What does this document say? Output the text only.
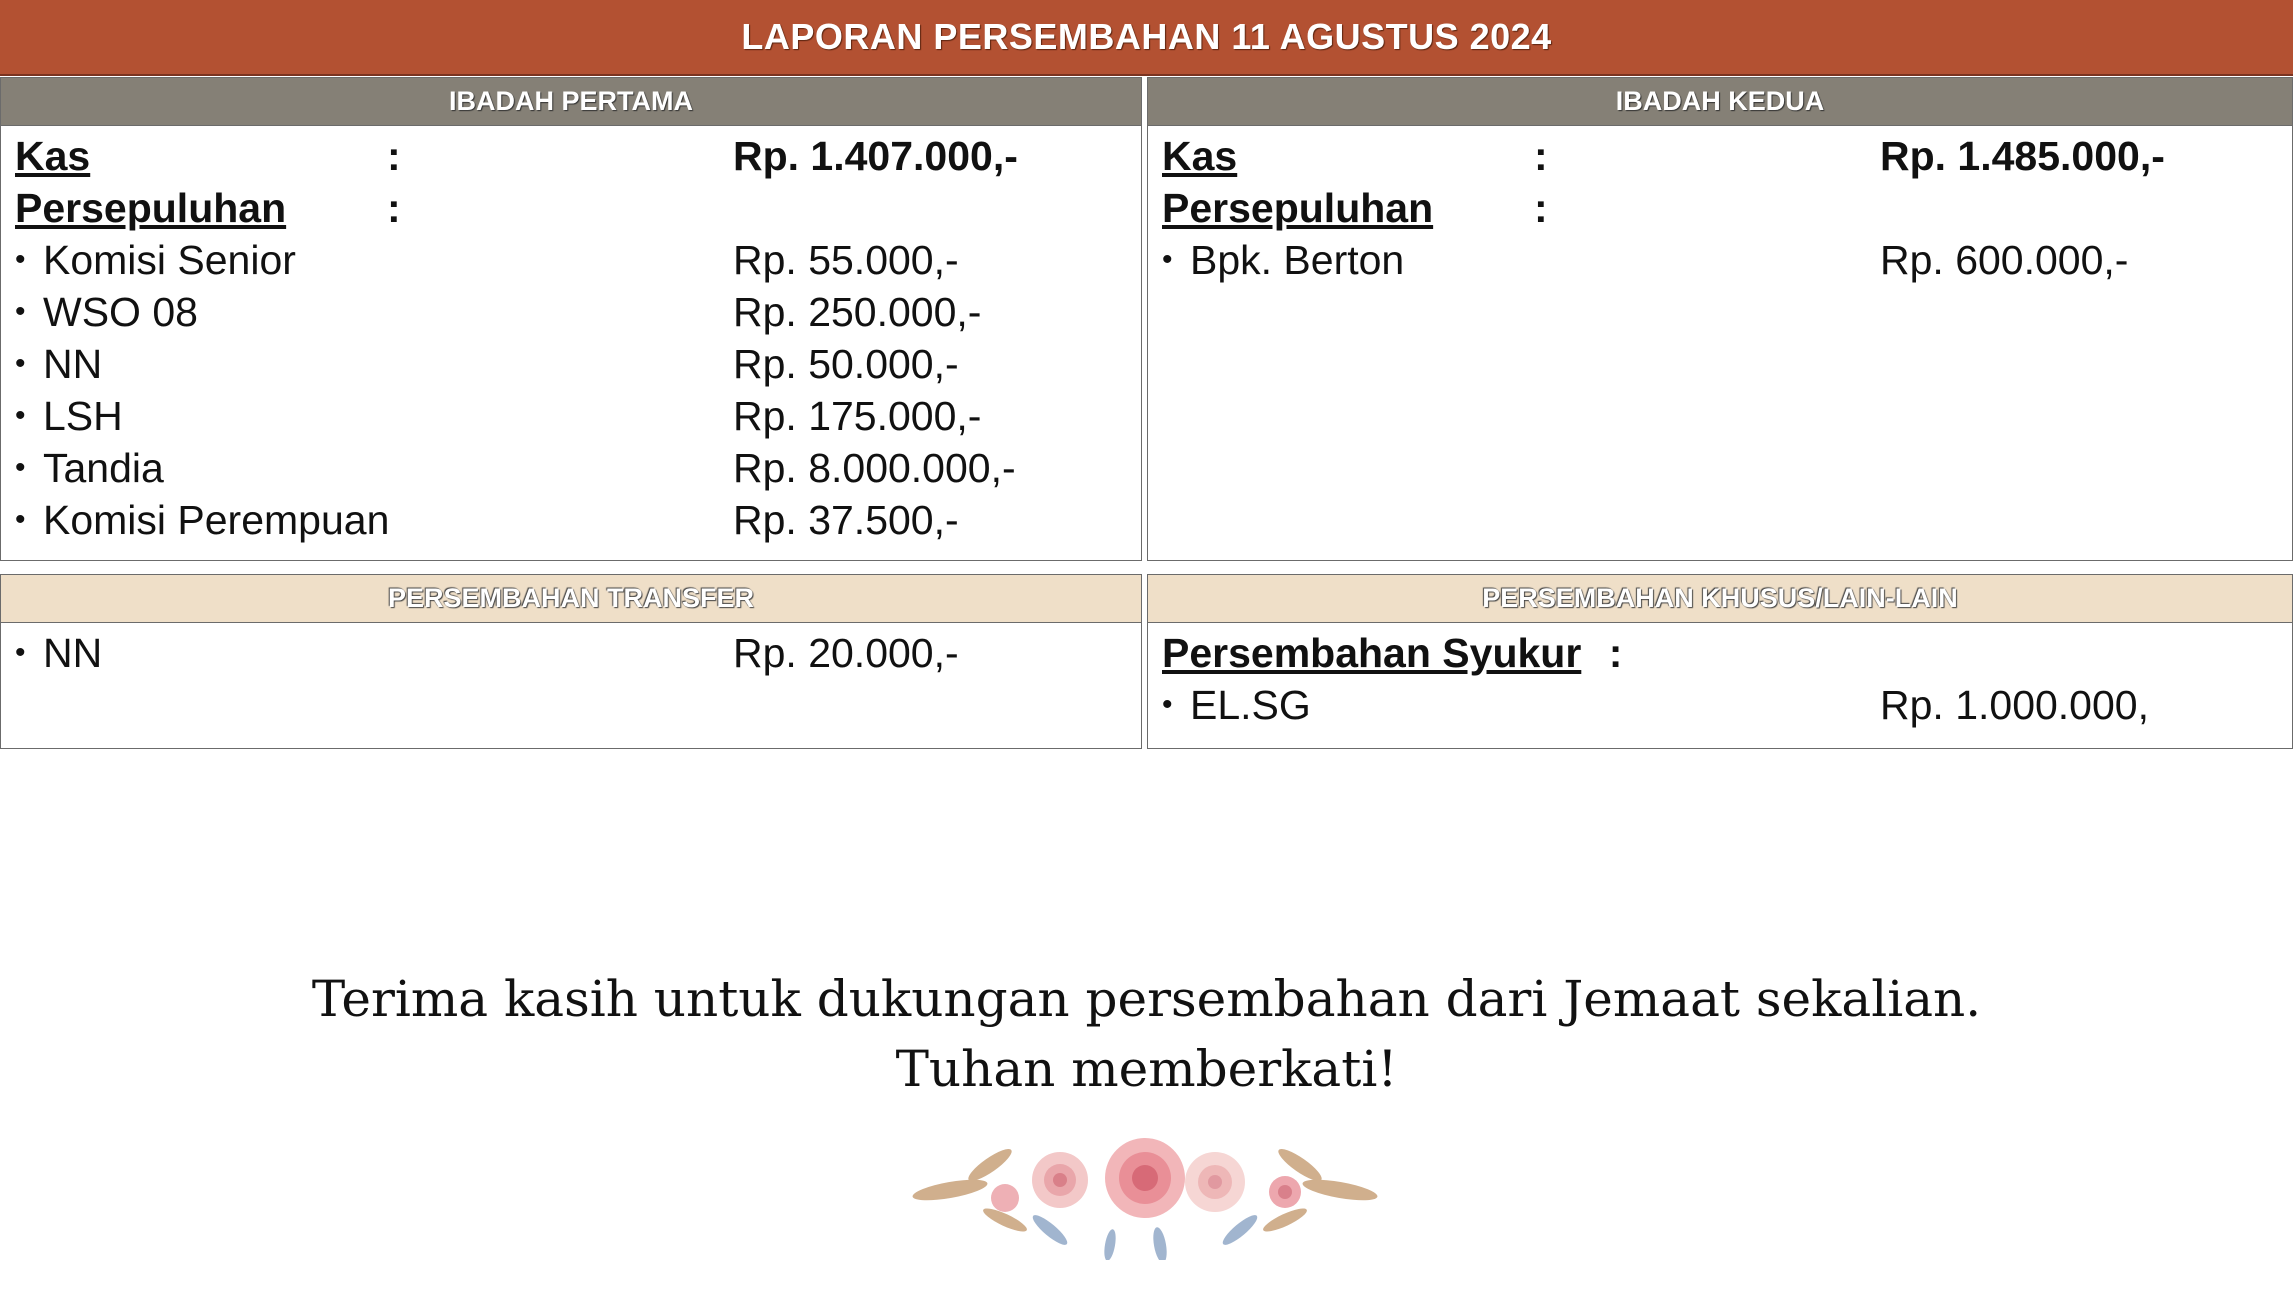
LAPORAN PERSEMBAHAN 11 AGUSTUS 2024
IBADAH PERTAMA
Kas	:	Rp. 1.407.000,-
Persepuluhan :
• Komisi Senior	Rp. 55.000,-
• WSO 08	Rp. 250.000,-
• NN	Rp. 50.000,-
• LSH	Rp. 175.000,-
• Tandia	Rp. 8.000.000,-
• Komisi Perempuan	Rp. 37.500,-
IBADAH KEDUA
Kas	:	Rp. 1.485.000,-
Persepuluhan :
• Bpk. Berton	Rp. 600.000,-
PERSEMBAHAN TRANSFER
• NN	Rp. 20.000,-
PERSEMBAHAN KHUSUS/LAIN-LAIN
Persembahan Syukur :
• EL.SG	Rp. 1.000.000,
Terima kasih untuk dukungan persembahan dari Jemaat sekalian.
Tuhan memberkati!
